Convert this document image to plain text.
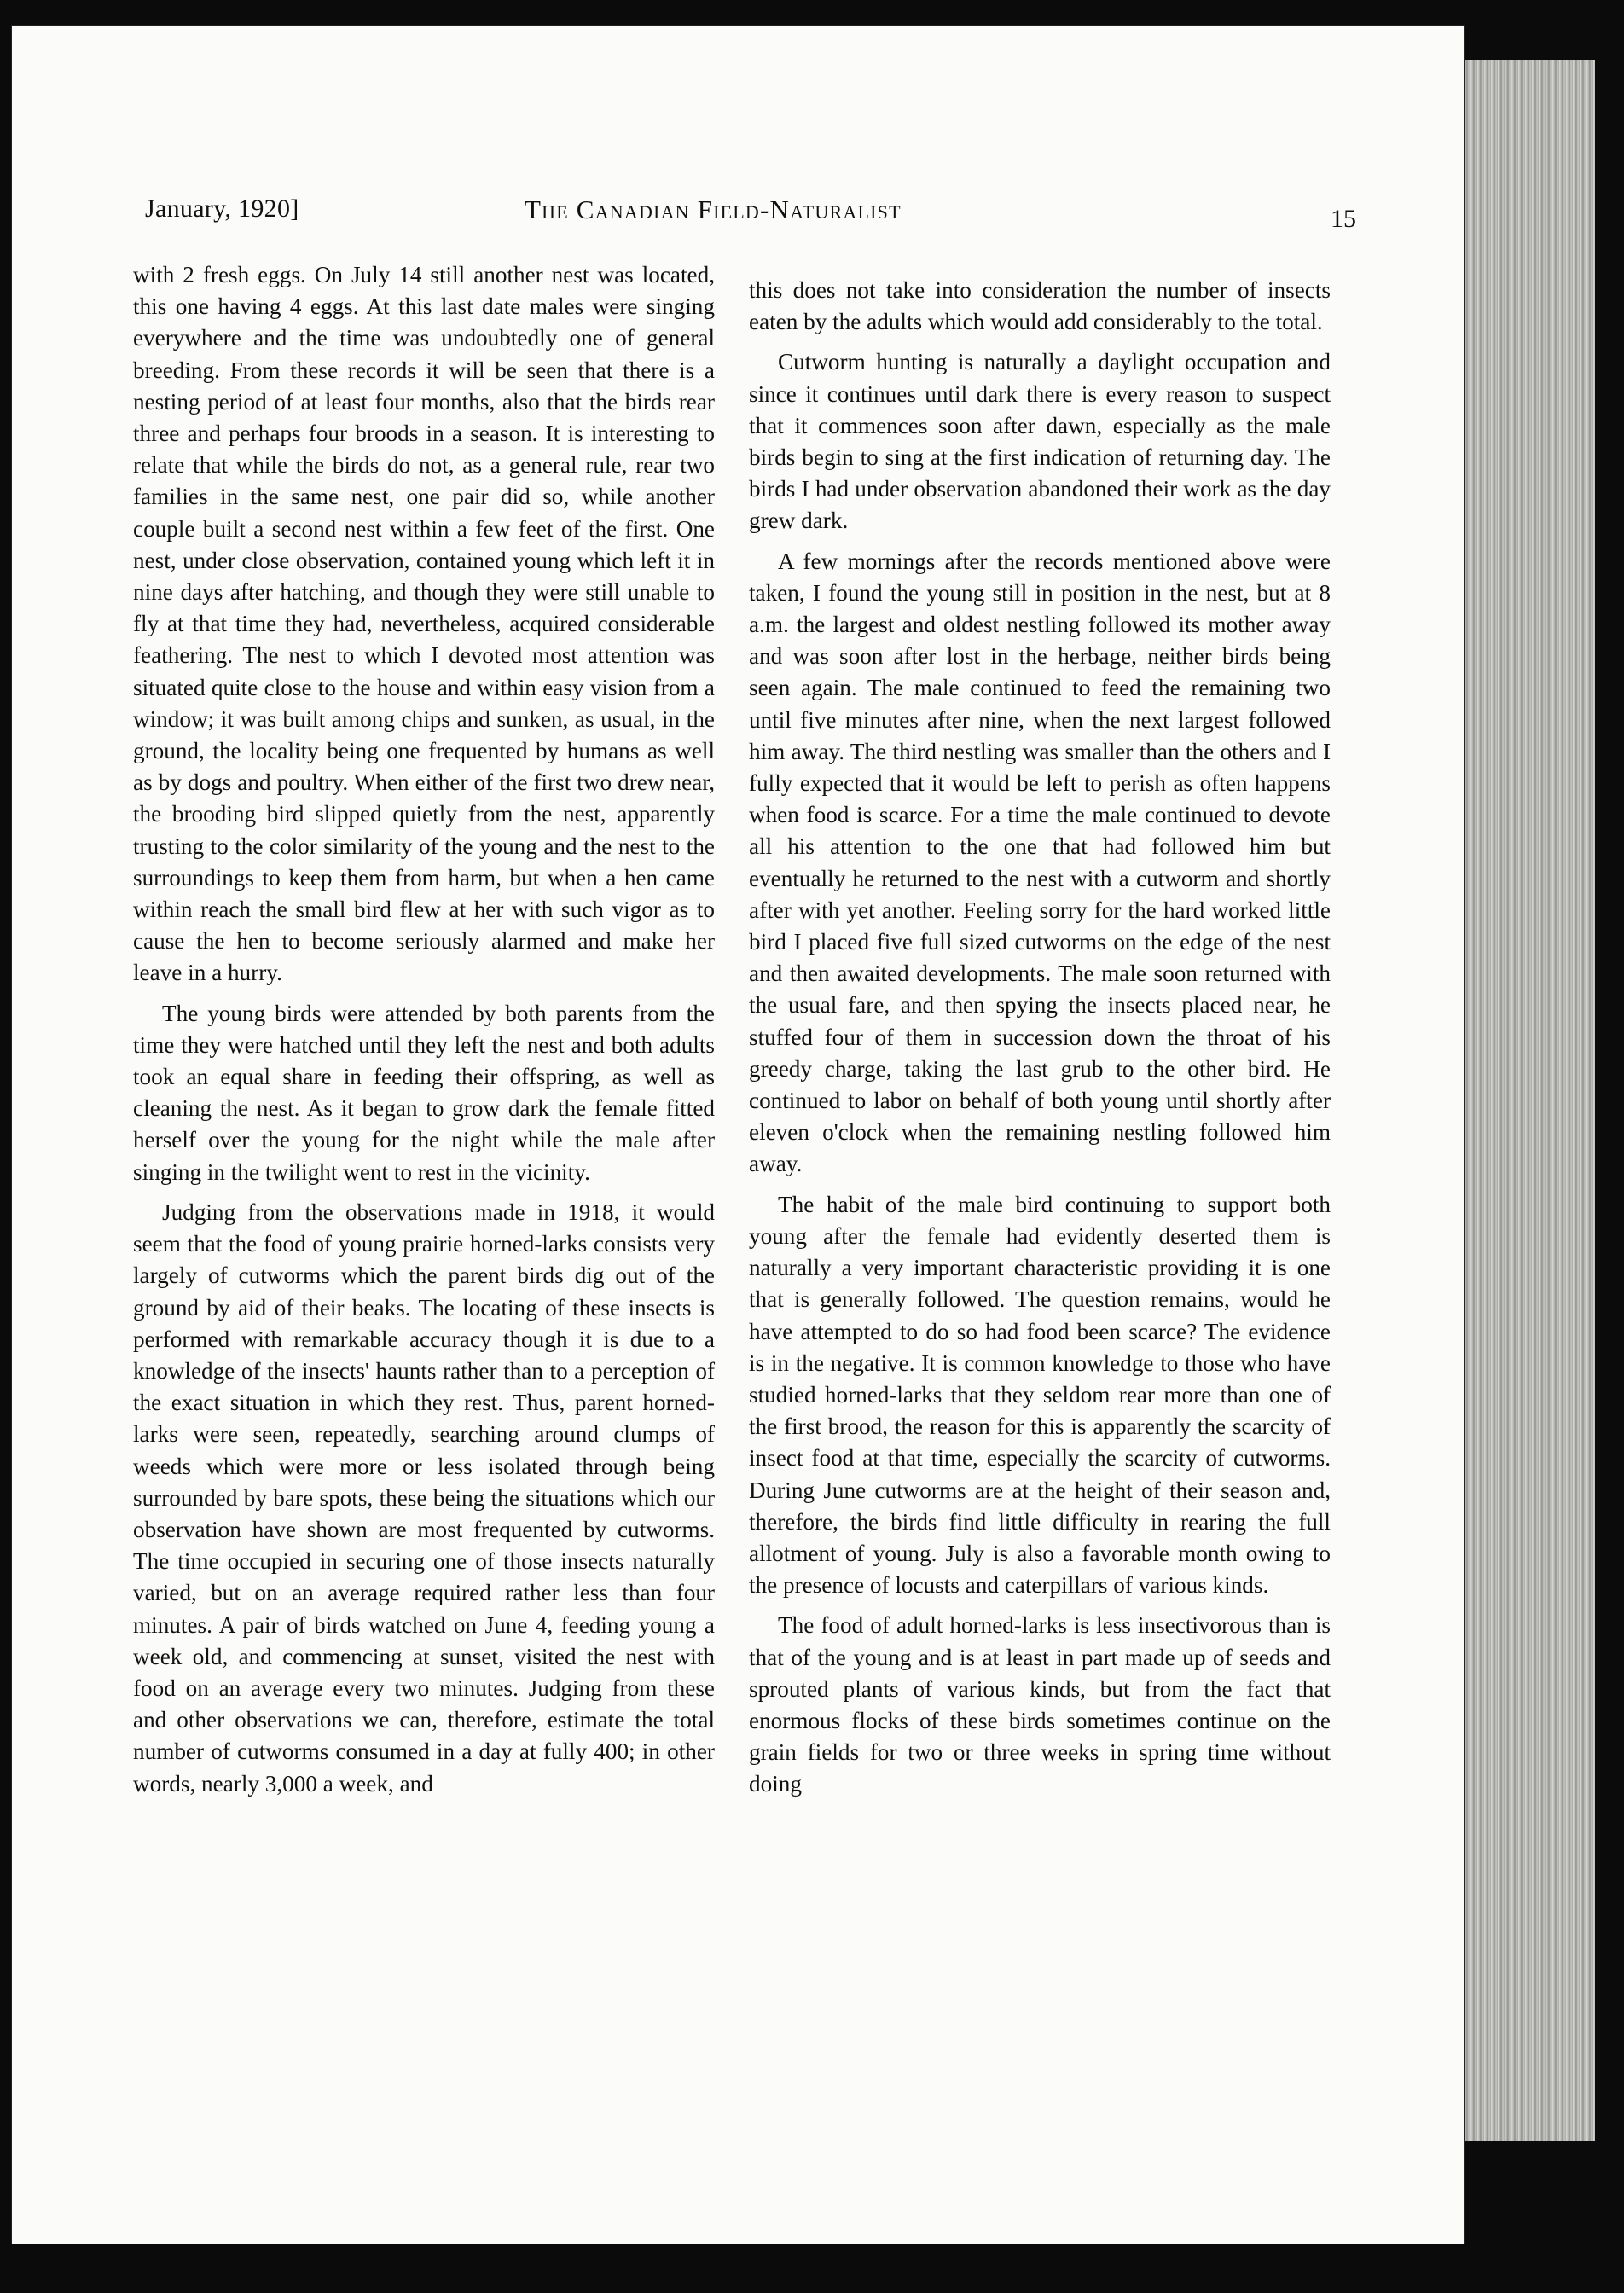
January, 1920]	The Canadian Field-Naturalist	15

with 2 fresh eggs. On July 14 still another nest was located, this one having 4 eggs. At this last date males were singing everywhere and the time was undoubtedly one of general breeding. From these records it will be seen that there is a nesting period of at least four months, also that the birds rear three and perhaps four broods in a season. It is interesting to relate that while the birds do not, as a general rule, rear two families in the same nest, one pair did so, while another couple built a second nest within a few feet of the first. One nest, under close observation, contained young which left it in nine days after hatching, and though they were still unable to fly at that time they had, nevertheless, acquired considerable feathering. The nest to which I devoted most attention was situated quite close to the house and within easy vision from a window; it was built among chips and sunken, as usual, in the ground, the locality being one frequented by humans as well as by dogs and poultry. When either of the first two drew near, the brooding bird slipped quietly from the nest, apparently trusting to the color similarity of the young and the nest to the surroundings to keep them from harm, but when a hen came within reach the small bird flew at her with such vigor as to cause the hen to become seriously alarmed and make her leave in a hurry.

The young birds were attended by both parents from the time they were hatched until they left the nest and both adults took an equal share in feeding their offspring, as well as cleaning the nest. As it began to grow dark the female fitted herself over the young for the night while the male after singing in the twilight went to rest in the vicinity.

Judging from the observations made in 1918, it would seem that the food of young prairie horned-larks consists very largely of cutworms which the parent birds dig out of the ground by aid of their beaks. The locating of these insects is performed with remarkable accuracy though it is due to a knowledge of the insects' haunts rather than to a perception of the exact situation in which they rest. Thus, parent horned-larks were seen, repeatedly, searching around clumps of weeds which were more or less isolated through being surrounded by bare spots, these being the situations which our observation have shown are most frequented by cutworms. The time occupied in securing one of those insects naturally varied, but on an average required rather less than four minutes. A pair of birds watched on June 4, feeding young a week old, and commencing at sunset, visited the nest with food on an average every two minutes. Judging from these and other observations we can, therefore, estimate the total number of cutworms consumed in a day at fully 400; in other words, nearly 3,000 a week, and

this does not take into consideration the number of insects eaten by the adults which would add considerably to the total.

Cutworm hunting is naturally a daylight occupation and since it continues until dark there is every reason to suspect that it commences soon after dawn, especially as the male birds begin to sing at the first indication of returning day. The birds I had under observation abandoned their work as the day grew dark.

A few mornings after the records mentioned above were taken, I found the young still in position in the nest, but at 8 a.m. the largest and oldest nestling followed its mother away and was soon after lost in the herbage, neither birds being seen again. The male continued to feed the remaining two until five minutes after nine, when the next largest followed him away. The third nestling was smaller than the others and I fully expected that it would be left to perish as often happens when food is scarce. For a time the male continued to devote all his attention to the one that had followed him but eventually he returned to the nest with a cutworm and shortly after with yet another. Feeling sorry for the hard worked little bird I placed five full sized cutworms on the edge of the nest and then awaited developments. The male soon returned with the usual fare, and then spying the insects placed near, he stuffed four of them in succession down the throat of his greedy charge, taking the last grub to the other bird. He continued to labor on behalf of both young until shortly after eleven o'clock when the remaining nestling followed him away.

The habit of the male bird continuing to support both young after the female had evidently deserted them is naturally a very important characteristic providing it is one that is generally followed. The question remains, would he have attempted to do so had food been scarce? The evidence is in the negative. It is common knowledge to those who have studied horned-larks that they seldom rear more than one of the first brood, the reason for this is apparently the scarcity of insect food at that time, especially the scarcity of cutworms. During June cutworms are at the height of their season and, therefore, the birds find little difficulty in rearing the full allotment of young. July is also a favorable month owing to the presence of locusts and caterpillars of various kinds.

The food of adult horned-larks is less insectivorous than is that of the young and is at least in part made up of seeds and sprouted plants of various kinds, but from the fact that enormous flocks of these birds sometimes continue on the grain fields for two or three weeks in spring time without doing
